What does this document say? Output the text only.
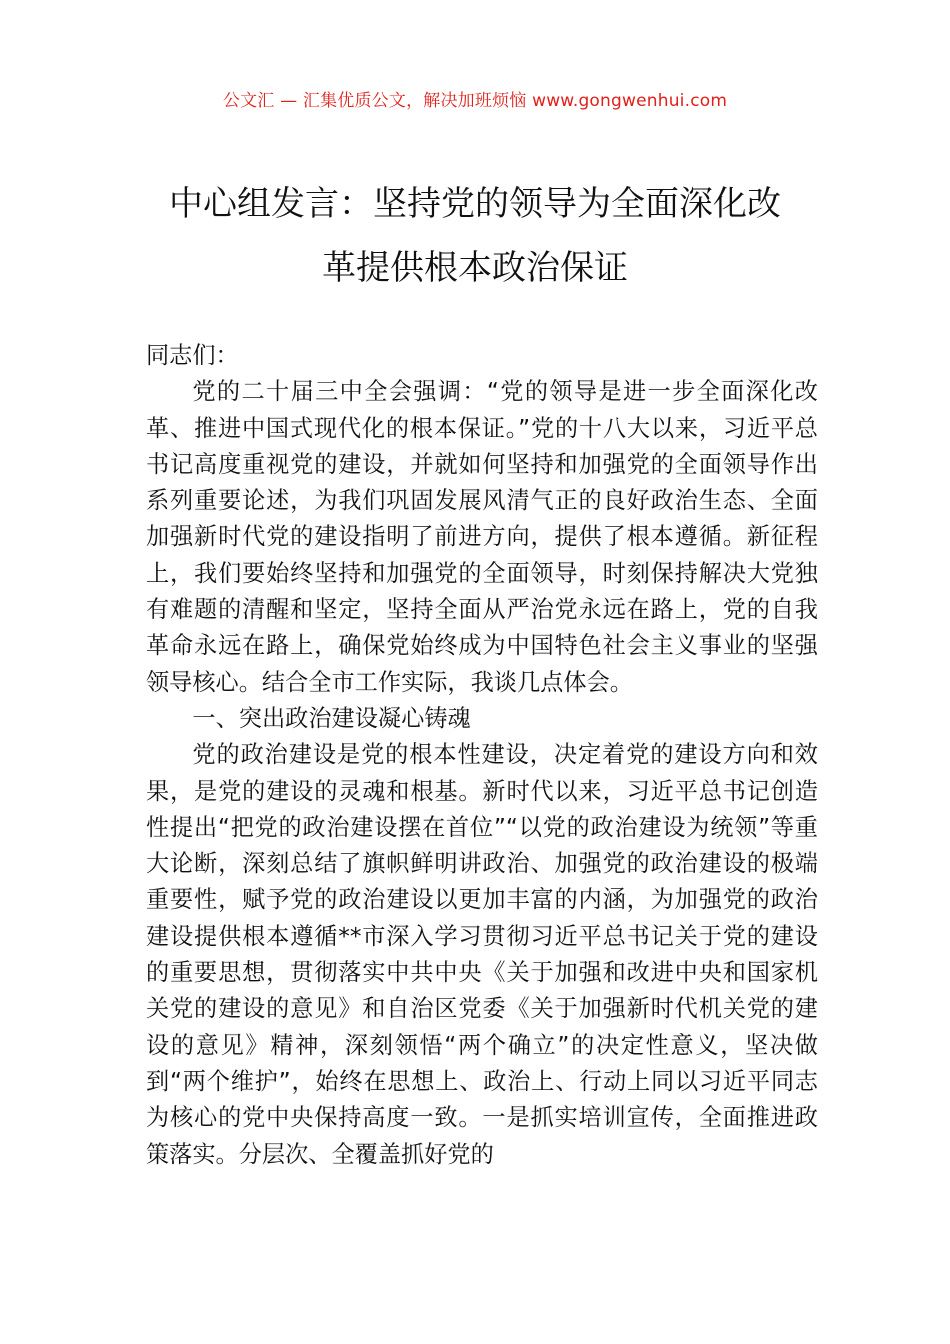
公文汇 — 汇集优质公文，解决加班烦恼 www.gongwenhui.com
中心组发言：坚持党的领导为全面深化改
革提供根本政治保证

同志们：

党的二十届三中全会强调：“党的领导是进一步全面深化改革、推进中国式现代化的根本保证。”党的十八大以来，习近平总书记高度重视党的建设，并就如何坚持和加强党的全面领导作出系列重要论述，为我们巩固发展风清气正的良好政治生态、全面加强新时代党的建设指明了前进方向，提供了根本遵循。新征程上，我们要始终坚持和加强党的全面领导，时刻保持解决大党独有难题的清醒和坚定，坚持全面从严治党永远在路上，党的自我革命永远在路上，确保党始终成为中国特色社会主义事业的坚强领导核心。结合全市工作实际，我谈几点体会。

一、突出政治建设凝心铸魂

党的政治建设是党的根本性建设，决定着党的建设方向和效果，是党的建设的灵魂和根基。新时代以来，习近平总书记创造性提出“把党的政治建设摆在首位”“以党的政治建设为统领”等重大论断，深刻总结了旗帜鲜明讲政治、加强党的政治建设的极端重要性，赋予党的政治建设以更加丰富的内涵，为加强党的政治建设提供根本遵循**市深入学习贯彻习近平总书记关于党的建设的重要思想，贯彻落实中共中央《关于加强和改进中央和国家机关党的建设的意见》和自治区党委《关于加强新时代机关党的建设的意见》精神，深刻领悟“两个确立”的决定性意义，坚决做到“两个维护”，始终在思想上、政治上、行动上同以习近平同志为核心的党中央保持高度一致。一是抓实培训宣传，全面推进政策落实。分层次、全覆盖抓好党的
